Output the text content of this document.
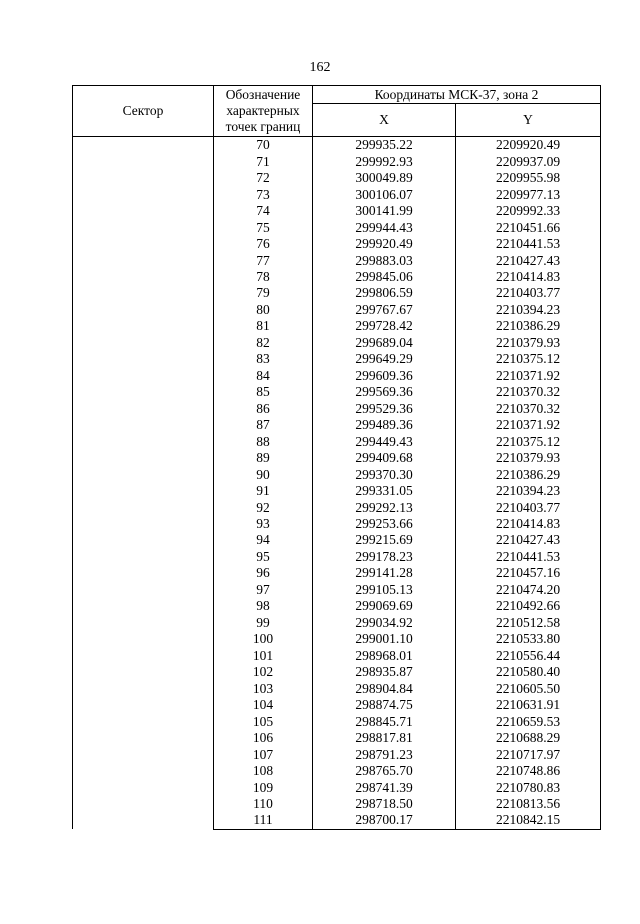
162
Сектор	Обозначение
характерных
точек границ	Координаты МСК-37, зона 2	
		X	Y
	70	299935.22	2209920.49
	71	299992.93	2209937.09
	72	300049.89	2209955.98
	73	300106.07	2209977.13
	74	300141.99	2209992.33
	75	299944.43	2210451.66
	76	299920.49	2210441.53
	77	299883.03	2210427.43
	78	299845.06	2210414.83
	79	299806.59	2210403.77
	80	299767.67	2210394.23
	81	299728.42	2210386.29
	82	299689.04	2210379.93
	83	299649.29	2210375.12
	84	299609.36	2210371.92
	85	299569.36	2210370.32
	86	299529.36	2210370.32
	87	299489.36	2210371.92
	88	299449.43	2210375.12
	89	299409.68	2210379.93
	90	299370.30	2210386.29
	91	299331.05	2210394.23
	92	299292.13	2210403.77
	93	299253.66	2210414.83
	94	299215.69	2210427.43
	95	299178.23	2210441.53
	96	299141.28	2210457.16
	97	299105.13	2210474.20
	98	299069.69	2210492.66
	99	299034.92	2210512.58
	100	299001.10	2210533.80
	101	298968.01	2210556.44
	102	298935.87	2210580.40
	103	298904.84	2210605.50
	104	298874.75	2210631.91
	105	298845.71	2210659.53
	106	298817.81	2210688.29
	107	298791.23	2210717.97
	108	298765.70	2210748.86
	109	298741.39	2210780.83
	110	298718.50	2210813.56
	111	298700.17	2210842.15
